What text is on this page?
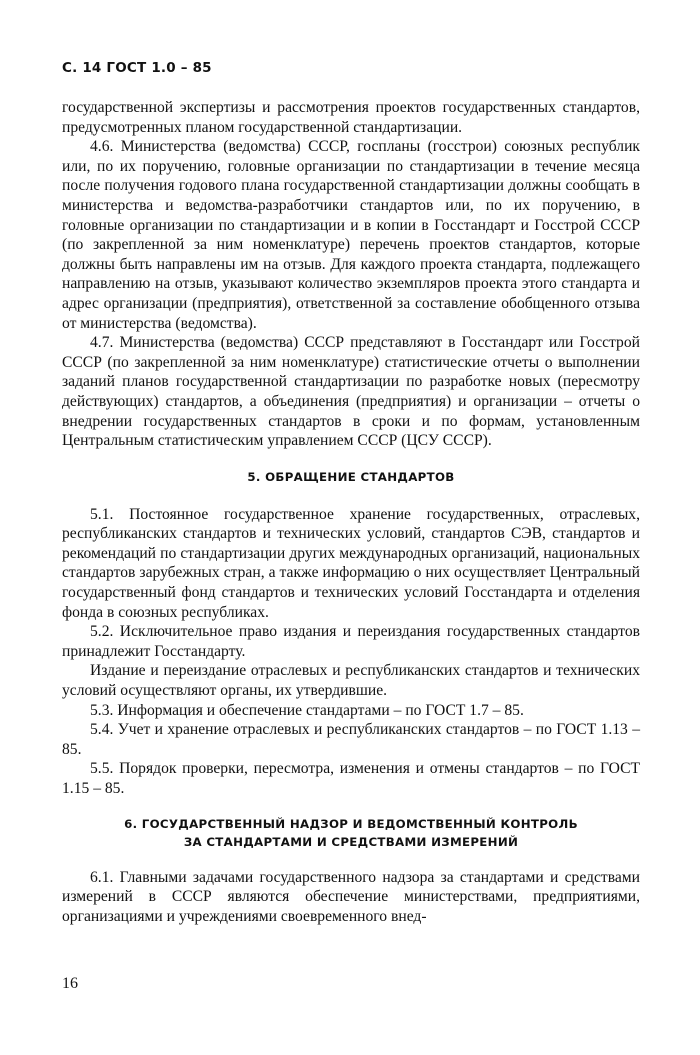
С. 14 ГОСТ 1.0 – 85

государственной экспертизы и рассмотрения проектов государственных стандартов, предусмотренных планом государственной стандартизации.

4.6. Министерства (ведомства) СССР, госпланы (госстрои) союзных республик или, по их поручению, головные организации по стандартизации в течение месяца после получения годового плана государственной стандартизации должны сообщать в министерства и ведомства-разработчики стандартов или, по их поручению, в головные организации по стандартизации и в копии в Госстандарт и Госстрой СССР (по закрепленной за ним номенклатуре) перечень проектов стандартов, которые должны быть направлены им на отзыв. Для каждого проекта стандарта, подлежащего направлению на отзыв, указывают количество экземпляров проекта этого стандарта и адрес организации (предприятия), ответственной за составление обобщенного отзыва от министерства (ведомства).

4.7. Министерства (ведомства) СССР представляют в Госстандарт или Госстрой СССР (по закрепленной за ним номенклатуре) статистические отчеты о выполнении заданий планов государственной стандартизации по разработке новых (пересмотру действующих) стандартов, а объединения (предприятия) и организации – отчеты о внедрении государственных стандартов в сроки и по формам, установленным Центральным статистическим управлением СССР (ЦСУ СССР).

5. ОБРАЩЕНИЕ СТАНДАРТОВ

5.1. Постоянное государственное хранение государственных, отраслевых, республиканских стандартов и технических условий, стандартов СЭВ, стандартов и рекомендаций по стандартизации других международных организаций, национальных стандартов зарубежных стран, а также информацию о них осуществляет Центральный государственный фонд стандартов и технических условий Госстандарта и отделения фонда в союзных республиках.

5.2. Исключительное право издания и переиздания государственных стандартов принадлежит Госстандарту.

Издание и переиздание отраслевых и республиканских стандартов и технических условий осуществляют органы, их утвердившие.

5.3. Информация и обеспечение стандартами – по ГОСТ 1.7 – 85.

5.4. Учет и хранение отраслевых и республиканских стандартов – по ГОСТ 1.13 – 85.

5.5. Порядок проверки, пересмотра, изменения и отмены стандартов – по ГОСТ 1.15 – 85.

6. ГОСУДАРСТВЕННЫЙ НАДЗОР И ВЕДОМСТВЕННЫЙ КОНТРОЛЬ
ЗА СТАНДАРТАМИ И СРЕДСТВАМИ ИЗМЕРЕНИЙ

6.1. Главными задачами государственного надзора за стандартами и средствами измерений в СССР являются обеспечение министерствами, предприятиями, организациями и учреждениями своевременного внед-

16
